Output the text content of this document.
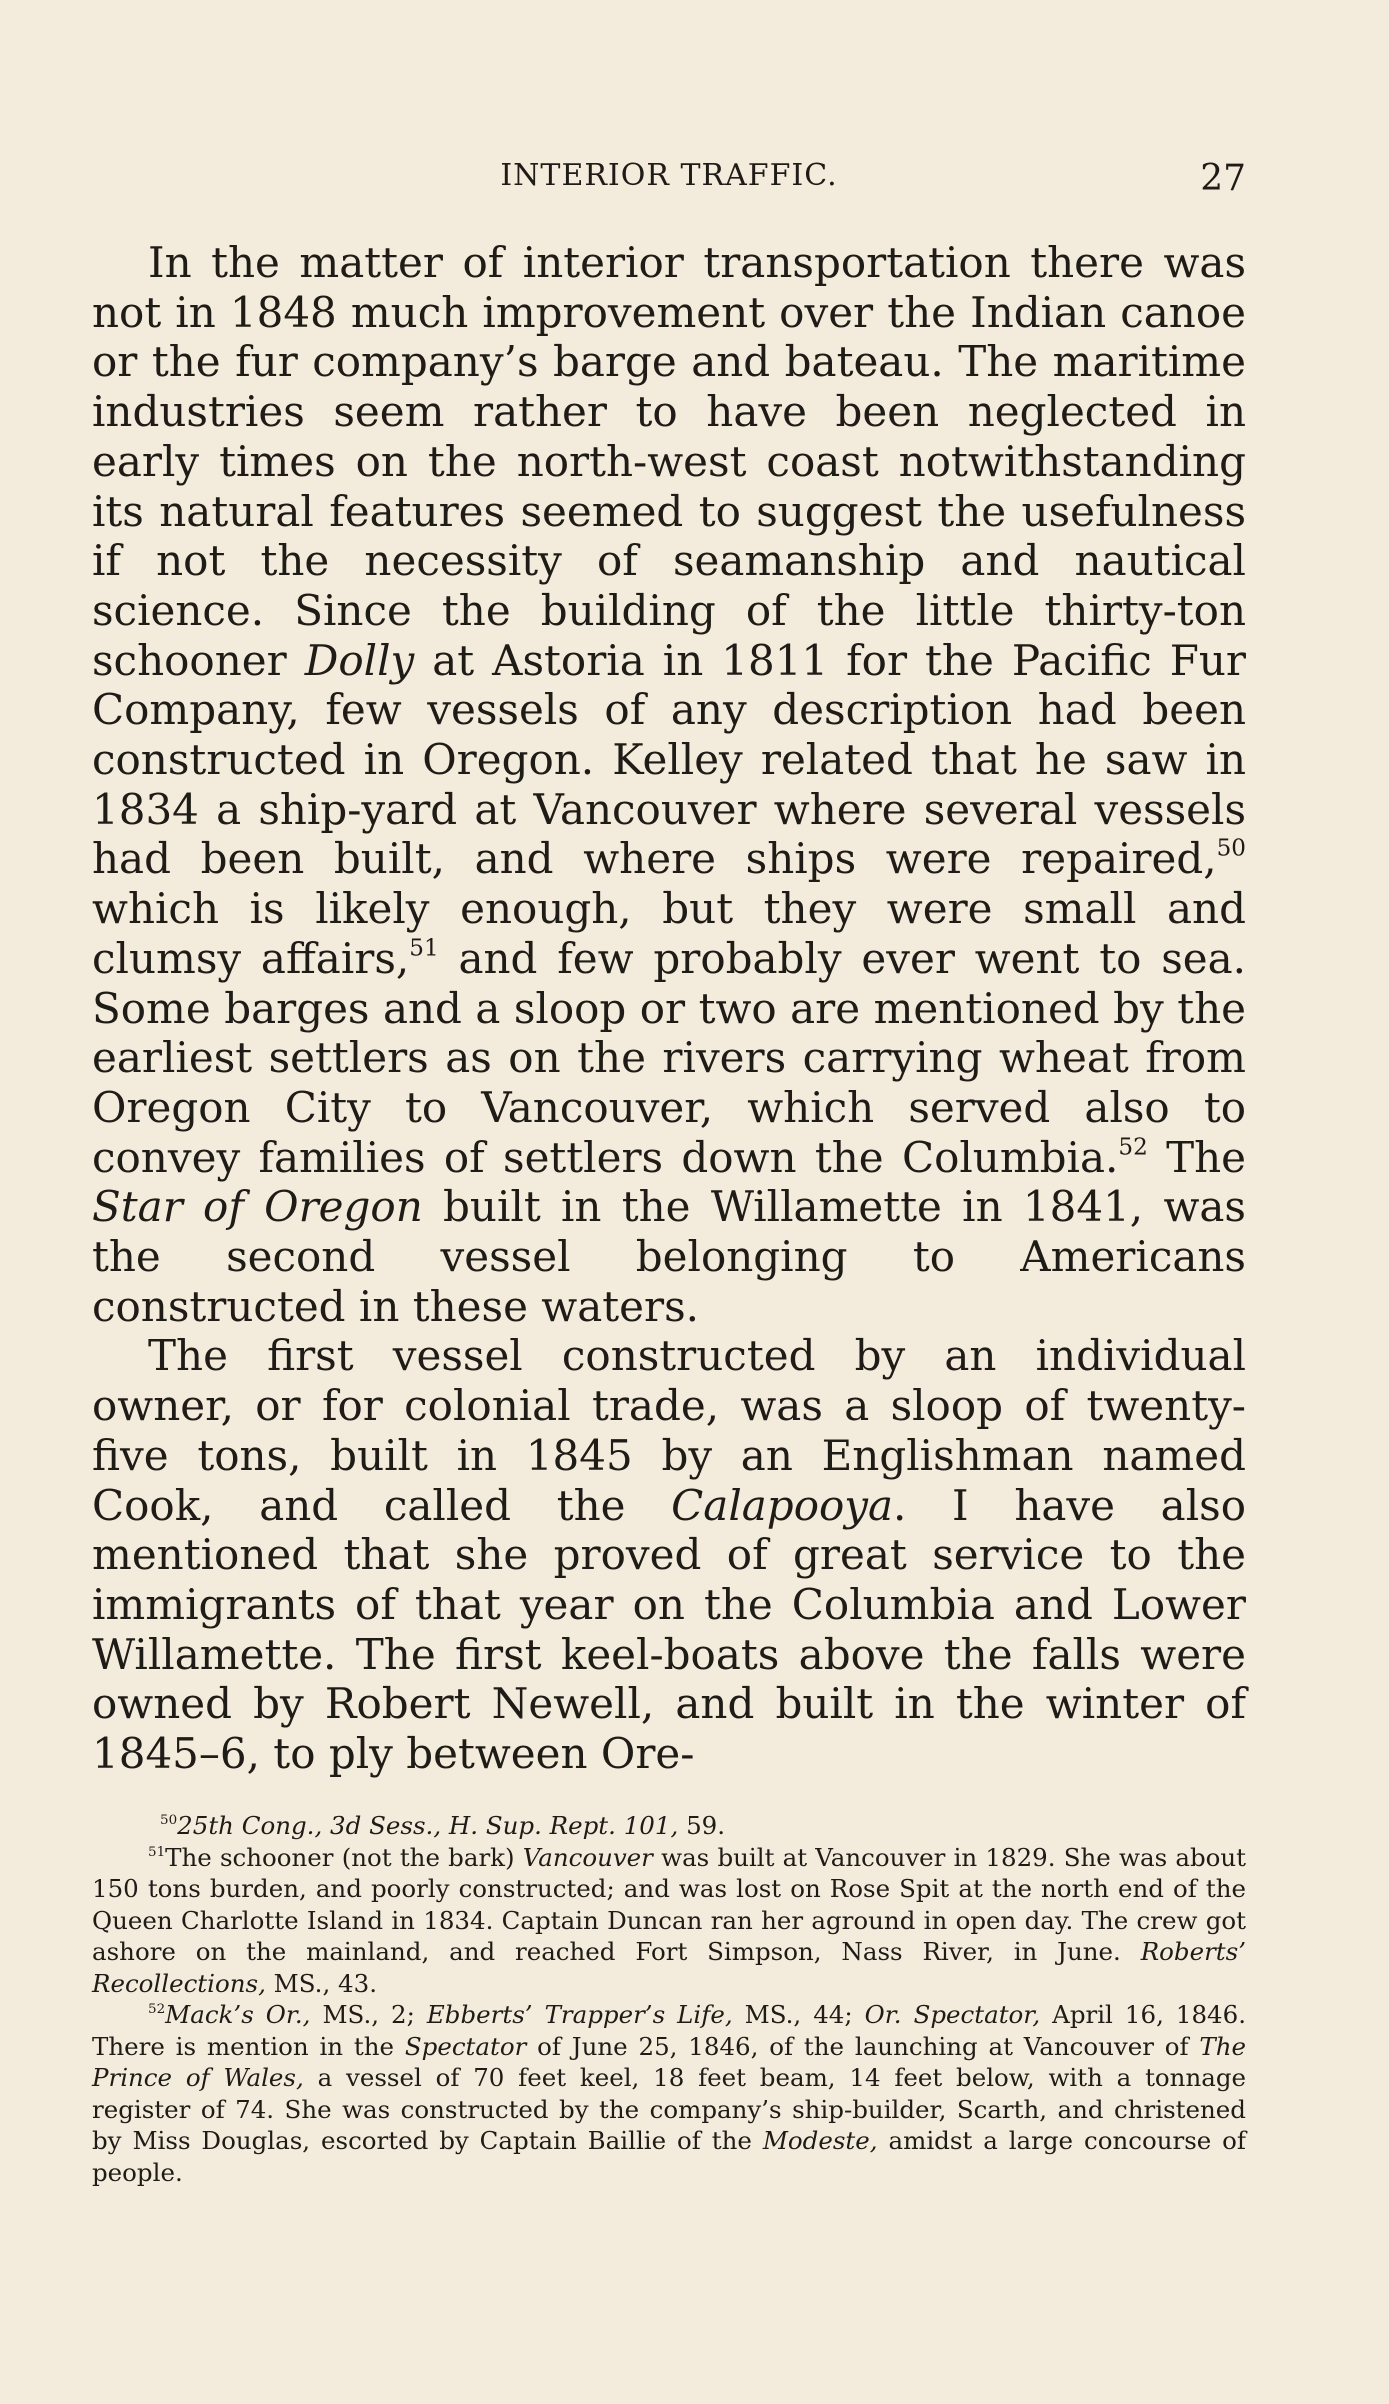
INTERIOR TRAFFIC.	27

In the matter of interior transportation there was not in 1848 much improvement over the Indian canoe or the fur company’s barge and bateau. The maritime industries seem rather to have been neglected in early times on the north-west coast notwithstanding its natural features seemed to suggest the usefulness if not the necessity of seamanship and nautical science. Since the building of the little thirty-ton schooner Dolly at Astoria in 1811 for the Pacific Fur Company, few vessels of any description had been constructed in Oregon. Kelley related that he saw in 1834 a ship-yard at Vancouver where several vessels had been built, and where ships were repaired,$^{50}$ which is likely enough, but they were small and clumsy affairs,$^{51}$ and few probably ever went to sea. Some barges and a sloop or two are mentioned by the earliest settlers as on the rivers carrying wheat from Oregon City to Vancouver, which served also to convey families of settlers down the Columbia.$^{52}$ The Star of Oregon built in the Willamette in 1841, was the second vessel belonging to Americans constructed in these waters.

The first vessel constructed by an individual owner, or for colonial trade, was a sloop of twenty-five tons, built in 1845 by an Englishman named Cook, and called the Calapooya. I have also mentioned that she proved of great service to the immigrants of that year on the Columbia and Lower Willamette. The first keel-boats above the falls were owned by Robert Newell, and built in the winter of 1845–6, to ply between Ore-

$^{50}$25th Cong., 3d Sess., H. Sup. Rept. 101, 59.

$^{51}$The schooner (not the bark) Vancouver was built at Vancouver in 1829. She was about 150 tons burden, and poorly constructed; and was lost on Rose Spit at the north end of the Queen Charlotte Island in 1834. Captain Duncan ran her aground in open day. The crew got ashore on the mainland, and reached Fort Simpson, Nass River, in June. Roberts’ Recollections, MS., 43.

$^{52}$Mack’s Or., MS., 2; Ebberts’ Trapper’s Life, MS., 44; Or. Spectator, April 16, 1846. There is mention in the Spectator of June 25, 1846, of the launching at Vancouver of The Prince of Wales, a vessel of 70 feet keel, 18 feet beam, 14 feet below, with a tonnage register of 74. She was constructed by the company’s ship-builder, Scarth, and christened by Miss Douglas, escorted by Captain Baillie of the Modeste, amidst a large concourse of people.
